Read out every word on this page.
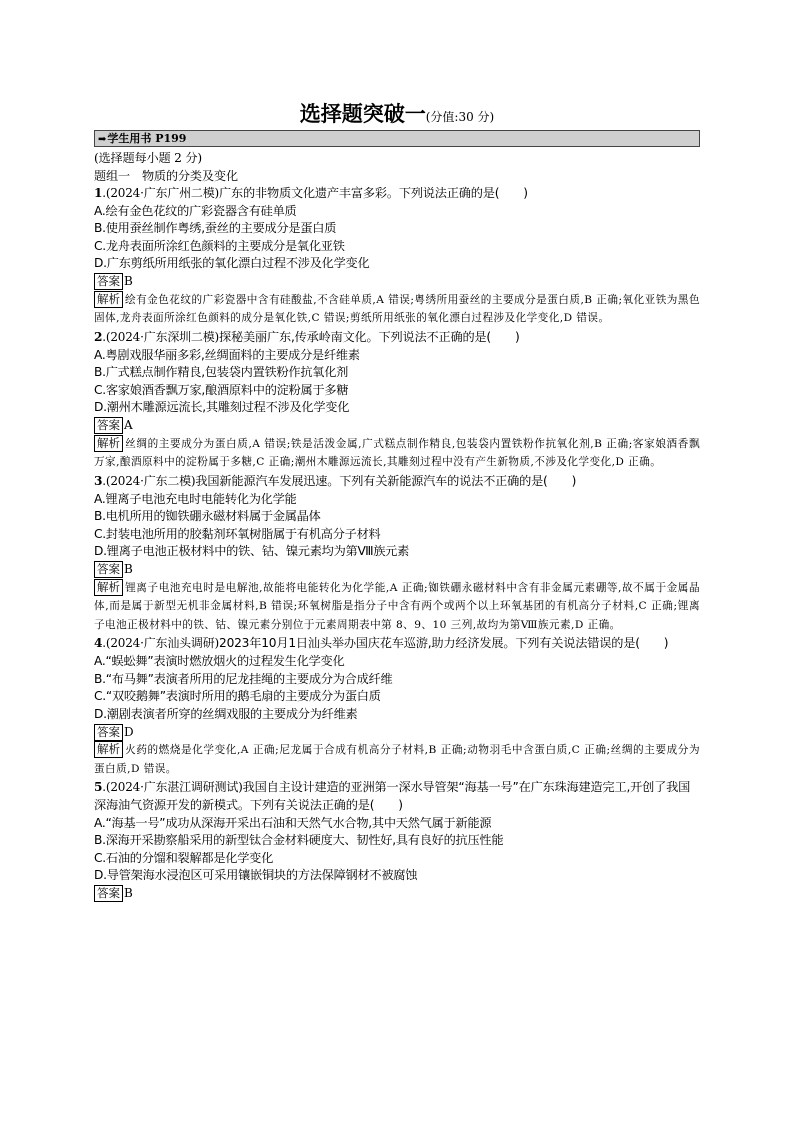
选择题突破一(分值:30 分)
➡学生用书 P199
(选择题每小题 2 分)
题组一　物质的分类及变化
1.(2024·广东广州二模)广东的非物质文化遗产丰富多彩。下列说法正确的是(　　)
A.绘有金色花纹的广彩瓷器含有硅单质
B.使用蚕丝制作粤绣,蚕丝的主要成分是蛋白质
C.龙舟表面所涂红色颜料的主要成分是氧化亚铁
D.广东剪纸所用纸张的氧化漂白过程不涉及化学变化
答案 B
解析 绘有金色花纹的广彩瓷器中含有硅酸盐,不含硅单质,A 错误;粤绣所用蚕丝的主要成分是蛋白质,B 正确;氧化亚铁为黑色固体,龙舟表面所涂红色颜料的成分是氧化铁,C 错误;剪纸所用纸张的氧化漂白过程涉及化学变化,D 错误。
2.(2024·广东深圳二模)探秘美丽广东,传承岭南文化。下列说法不正确的是(　　)
A.粤剧戏服华丽多彩,丝绸面料的主要成分是纤维素
B.广式糕点制作精良,包装袋内置铁粉作抗氧化剂
C.客家娘酒香飘万家,酿酒原料中的淀粉属于多糖
D.潮州木雕源远流长,其雕刻过程不涉及化学变化
答案 A
解析 丝绸的主要成分为蛋白质,A 错误;铁是活泼金属,广式糕点制作精良,包装袋内置铁粉作抗氧化剂,B 正确;客家娘酒香飘万家,酿酒原料中的淀粉属于多糖,C 正确;潮州木雕源远流长,其雕刻过程中没有产生新物质,不涉及化学变化,D 正确。
3.(2024·广东二模)我国新能源汽车发展迅速。下列有关新能源汽车的说法不正确的是(　　)
A.锂离子电池充电时电能转化为化学能
B.电机所用的铷铁硼永磁材料属于金属晶体
C.封装电池所用的胶黏剂环氧树脂属于有机高分子材料
D.锂离子电池正极材料中的铁、钴、镍元素均为第Ⅷ族元素
答案 B
解析 锂离子电池充电时是电解池,故能将电能转化为化学能,A 正确;铷铁硼永磁材料中含有非金属元素硼等,故不属于金属晶体,而是属于新型无机非金属材料,B 错误;环氧树脂是指分子中含有两个或两个以上环氧基团的有机高分子材料,C 正确;锂离子电池正极材料中的铁、钴、镍元素分别位于元素周期表中第 8、9、10 三列,故均为第Ⅷ族元素,D 正确。
4.(2024·广东汕头调研)2023年10月1日汕头举办国庆花车巡游,助力经济发展。下列有关说法错误的是(　　)
A.“蜈蚣舞”表演时燃放烟火的过程发生化学变化
B.“布马舞”表演者所用的尼龙挂绳的主要成分为合成纤维
C.“双咬鹅舞”表演时所用的鹅毛扇的主要成分为蛋白质
D.潮剧表演者所穿的丝绸戏服的主要成分为纤维素
答案 D
解析 火药的燃烧是化学变化,A 正确;尼龙属于合成有机高分子材料,B 正确;动物羽毛中含蛋白质,C 正确;丝绸的主要成分为蛋白质,D 错误。
5.(2024·广东湛江调研测试)我国自主设计建造的亚洲第一深水导管架“海基一号”在广东珠海建造完工,开创了我国深海油气资源开发的新模式。下列有关说法正确的是(　　)
A.“海基一号”成功从深海开采出石油和天然气水合物,其中天然气属于新能源
B.深海开采勘察船采用的新型钛合金材料硬度大、韧性好,具有良好的抗压性能
C.石油的分馏和裂解都是化学变化
D.导管架海水浸泡区可采用镶嵌铜块的方法保障钢材不被腐蚀
答案 B
